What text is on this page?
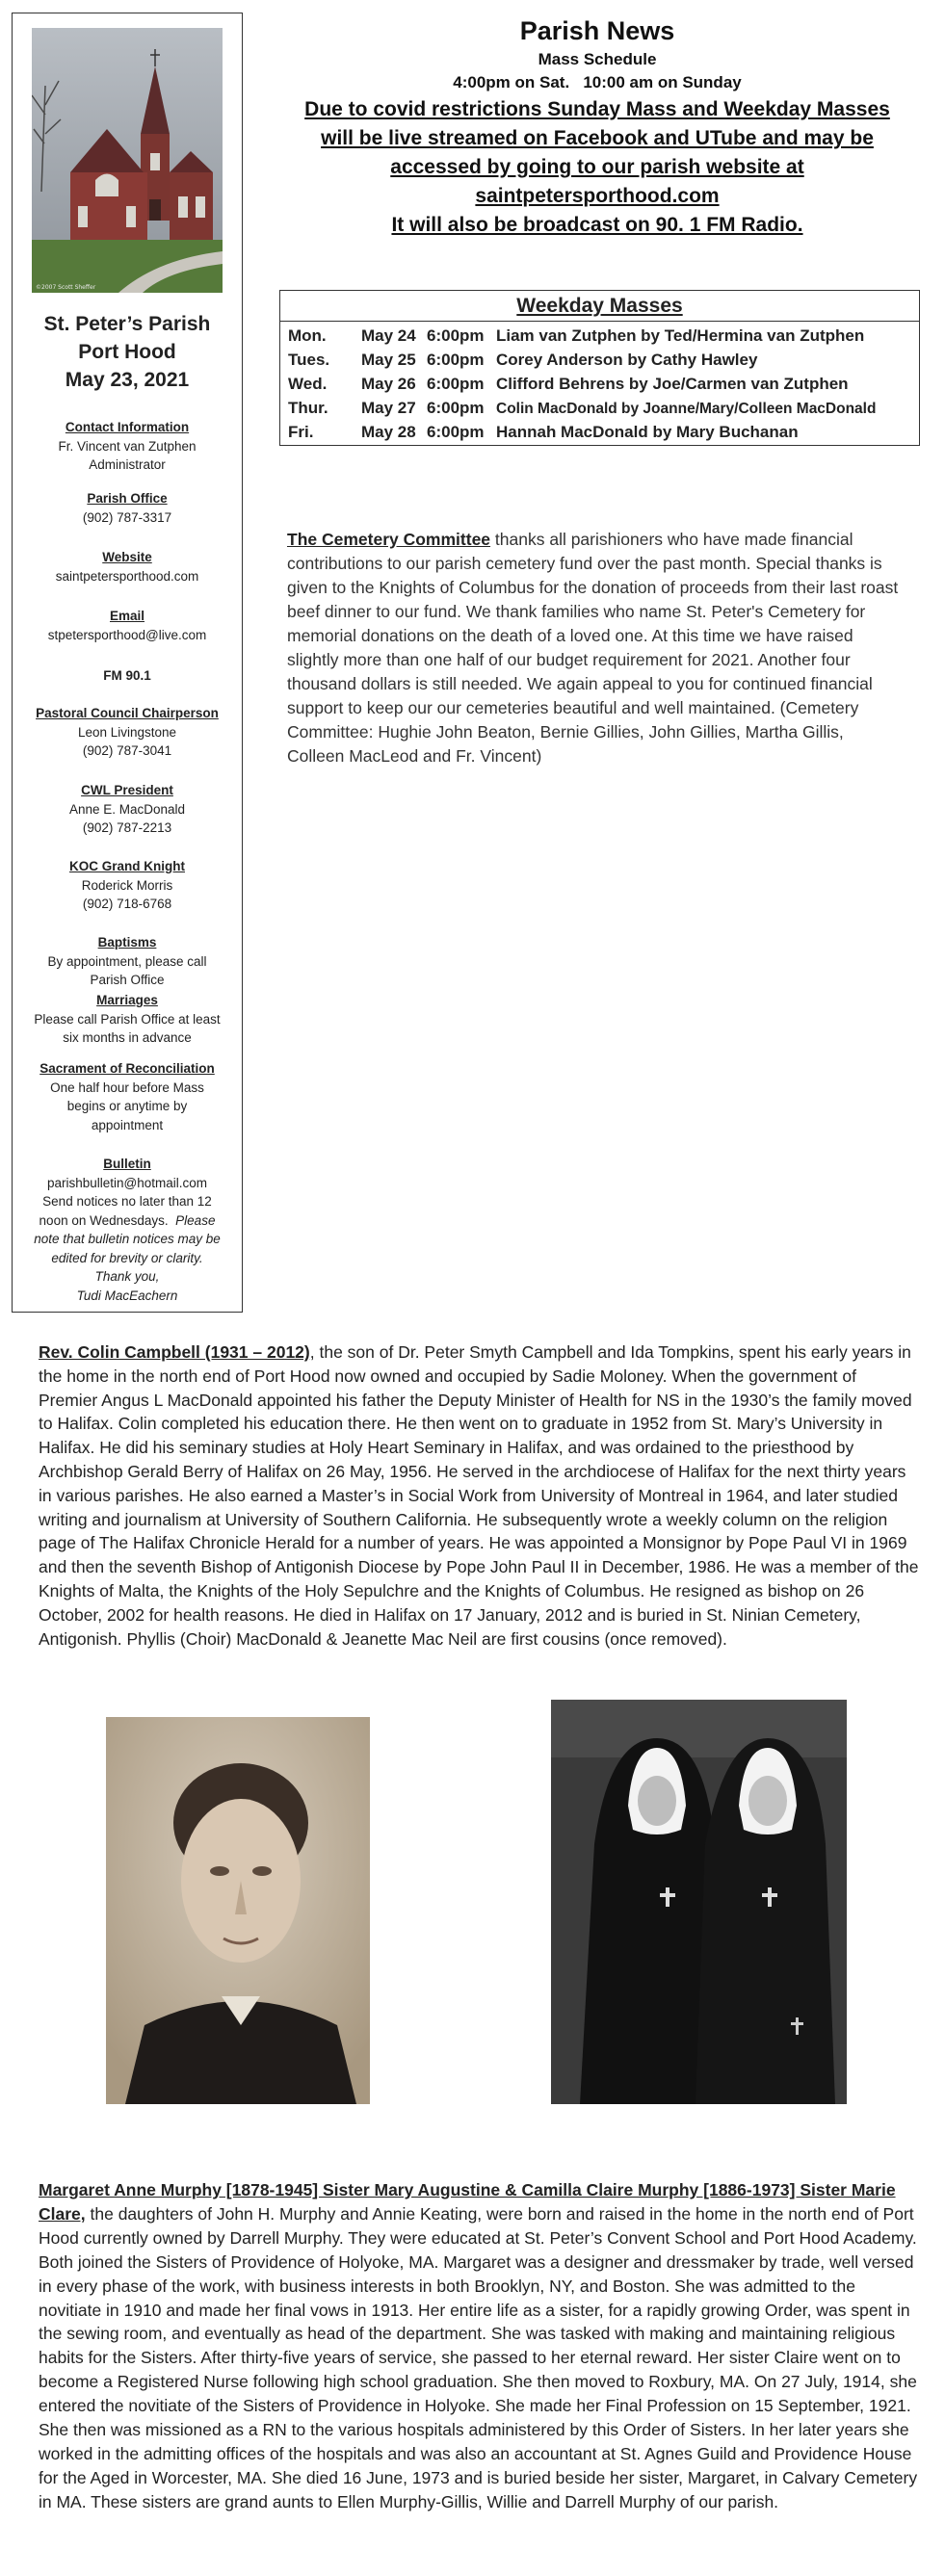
©2007 Scott Sheffer
St. Peter’s Parish
Port Hood
May 23, 2021
Contact Information
Fr. Vincent van Zutphen
Administrator
Parish Office
(902) 787-3317
Website
saintpetersporthood.com
Email
stpetersporthood@live.com
FM 90.1
Pastoral Council Chairperson
Leon Livingstone
(902) 787-3041
CWL President
Anne E. MacDonald
(902) 787-2213
KOC Grand Knight
Roderick Morris
(902) 718-6768
Baptisms
By appointment, please call
Parish Office
Marriages
Please call Parish Office at least
six months in advance
Sacrament of Reconciliation
One half hour before Mass
begins or anytime by
appointment
Bulletin
parishbulletin@hotmail.com
Send notices no later than 12
noon on Wednesdays. Please
note that bulletin notices may be
edited for brevity or clarity.
Thank you,
Tudi MacEachern
Parish News
Mass Schedule
4:00pm on Sat.   10:00 am on Sunday
Due to covid restrictions Sunday Mass and Weekday Masses
will be live streamed on Facebook and UTube and may be
accessed by going to our parish website at
saintpetersporthood.com
It will also be broadcast on 90. 1 FM Radio.
Weekday Masses
Mon. May 24 6:00pm Liam van Zutphen by Ted/Hermina van Zutphen
Tues. May 25 6:00pm Corey Anderson by Cathy Hawley
Wed. May 26 6:00pm Clifford Behrens by Joe/Carmen van Zutphen
Thur. May 27 6:00pm Colin MacDonald by Joanne/Mary/Colleen MacDonald
Fri.	May 28 6:00pm Hannah MacDonald by Mary Buchanan
The Cemetery Committee thanks all parishioners who have made financial contributions to our parish cemetery fund over the past month. Special thanks is given to the Knights of Columbus for the donation of proceeds from their last roast beef dinner to our fund. We thank families who name St. Peter's Cemetery for memorial donations on the death of a loved one. At this time we have raised slightly more than one half of our budget requirement for 2021. Another four thousand dollars is still needed. We again appeal to you for continued financial support to keep our our cemeteries beautiful and well maintained. (Cemetery Committee: Hughie John Beaton, Bernie Gillies, John Gillies, Martha Gillis, Colleen MacLeod and Fr. Vincent)
Rev. Colin Campbell (1931 – 2012), the son of Dr. Peter Smyth Campbell and Ida Tompkins, spent his early years in the home in the north end of Port Hood now owned and occupied by Sadie Moloney. When the government of Premier Angus L MacDonald appointed his father the Deputy Minister of Health for NS in the 1930’s the family moved to Halifax. Colin completed his education there. He then went on to graduate in 1952 from St. Mary’s University in Halifax. He did his seminary studies at Holy Heart Seminary in Halifax, and was ordained to the priesthood by Archbishop Gerald Berry of Halifax on 26 May, 1956. He served in the archdiocese of Halifax for the next thirty years in various parishes. He also earned a Master’s in Social Work from University of Montreal in 1964, and later studied writing and journalism at University of Southern California. He subsequently wrote a weekly column on the religion page of The Halifax Chronicle Herald for a number of years. He was appointed a Monsignor by Pope Paul VI in 1969 and then the seventh Bishop of Antigonish Diocese by Pope John Paul II in December, 1986. He was a member of the Knights of Malta, the Knights of the Holy Sepulchre and the Knights of Columbus. He resigned as bishop on 26 October, 2002 for health reasons. He died in Halifax on 17 January, 2012 and is buried in St. Ninian Cemetery, Antigonish. Phyllis (Choir) MacDonald & Jeanette Mac Neil are first cousins (once removed).
Margaret Anne Murphy [1878-1945] Sister Mary Augustine & Camilla Claire Murphy [1886-1973] Sister Marie Clare, the daughters of John H. Murphy and Annie Keating, were born and raised in the home in the north end of Port Hood currently owned by Darrell Murphy. They were educated at St. Peter’s Convent School and Port Hood Academy. Both joined the Sisters of Providence of Holyoke, MA. Margaret was a designer and dressmaker by trade, well versed in every phase of the work, with business interests in both Brooklyn, NY, and Boston. She was admitted to the novitiate in 1910 and made her final vows in 1913. Her entire life as a sister, for a rapidly growing Order, was spent in the sewing room, and eventually as head of the department. She was tasked with making and maintaining religious habits for the Sisters. After thirty-five years of service, she passed to her eternal reward. Her sister Claire went on to become a Registered Nurse following high school graduation. She then moved to Roxbury, MA. On 27 July, 1914, she entered the novitiate of the Sisters of Providence in Holyoke. She made her Final Profession on 15 September, 1921. She then was missioned as a RN to the various hospitals administered by this Order of Sisters. In her later years she worked in the admitting offices of the hospitals and was also an accountant at St. Agnes Guild and Providence House for the Aged in Worcester, MA. She died 16 June, 1973 and is buried beside her sister, Margaret, in Calvary Cemetery in MA. These sisters are grand aunts to Ellen Murphy-Gillis, Willie and Darrell Murphy of our parish.
